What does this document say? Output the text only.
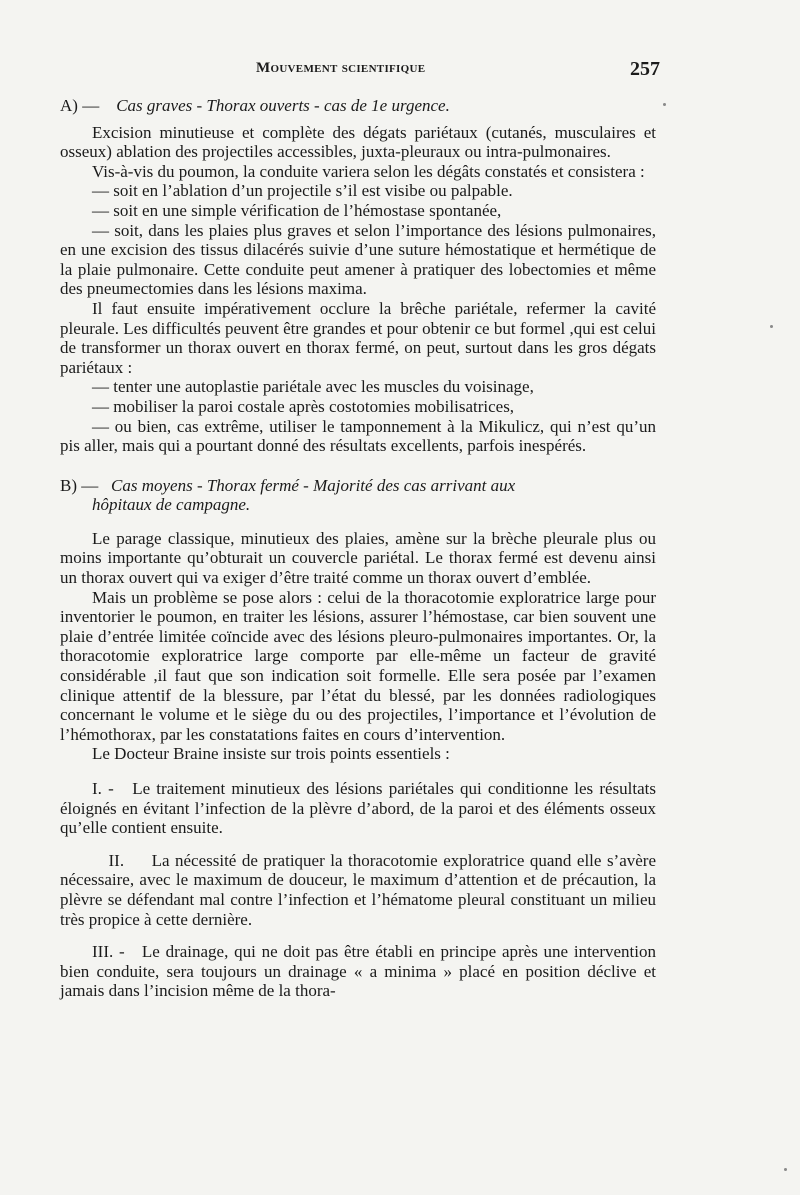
Mouvement scientifique	257

A) — Cas graves - Thorax ouverts - cas de 1e urgence.

Excision minutieuse et complète des dégats pariétaux (cutanés, musculaires et osseux) ablation des projectiles accessibles, juxta-pleuraux ou intra-pulmonaires.

Vis-à-vis du poumon, la conduite variera selon les dégâts constatés et consistera :

— soit en l’ablation d’un projectile s’il est visibe ou palpable.

— soit en une simple vérification de l’hémostase spontanée,

— soit, dans les plaies plus graves et selon l’importance des lésions pulmonaires, en une excision des tissus dilacérés suivie d’une suture hémostatique et hermétique de la plaie pulmonaire. Cette conduite peut amener à pratiquer des lobectomies et même des pneumectomies dans les lésions maxima.

Il faut ensuite impérativement occlure la brêche pariétale, refermer la cavité pleurale. Les difficultés peuvent être grandes et pour obtenir ce but formel ,qui est celui de transformer un thorax ouvert en thorax fermé, on peut, surtout dans les gros dégats pariétaux :

— tenter une autoplastie pariétale avec les muscles du voisinage,

— mobiliser la paroi costale après costotomies mobilisatrices,

— ou bien, cas extrême, utiliser le tamponnement à la Mikulicz, qui n’est qu’un pis aller, mais qui a pourtant donné des résultats excellents, parfois inespérés.

B) — Cas moyens - Thorax fermé - Majorité des cas arrivant aux

hôpitaux de campagne.

Le parage classique, minutieux des plaies, amène sur la brèche pleurale plus ou moins importante qu’obturait un couvercle pariétal. Le thorax fermé est devenu ainsi un thorax ouvert qui va exiger d’être traité comme un thorax ouvert d’emblée.

Mais un problème se pose alors : celui de la thoracotomie exploratrice large pour inventorier le poumon, en traiter les lésions, assurer l’hémostase, car bien souvent une plaie d’entrée limitée coïncide avec des lésions pleuro-pulmonaires importantes. Or, la thoracotomie exploratrice large comporte par elle-même un facteur de gravité considérable ,il faut que son indication soit formelle. Elle sera posée par l’examen clinique attentif de la blessure, par l’état du blessé, par les données radiologiques concernant le volume et le siège du ou des projectiles, l’importance et l’évolution de l’hémothorax, par les constatations faites en cours d’intervention.

Le Docteur Braine insiste sur trois points essentiels :

I. - Le traitement minutieux des lésions pariétales qui conditionne les résultats éloignés en évitant l’infection de la plèvre d’abord, de la paroi et des éléments osseux qu’elle contient ensuite.

II. La nécessité de pratiquer la thoracotomie exploratrice quand elle s’avère nécessaire, avec le maximum de douceur, le maximum d’attention et de précaution, la plèvre se défendant mal contre l’infection et l’hématome pleural constituant un milieu très propice à cette dernière.

III. - Le drainage, qui ne doit pas être établi en principe après une intervention bien conduite, sera toujours un drainage « a minima » placé en position déclive et jamais dans l’incision même de la thora-
